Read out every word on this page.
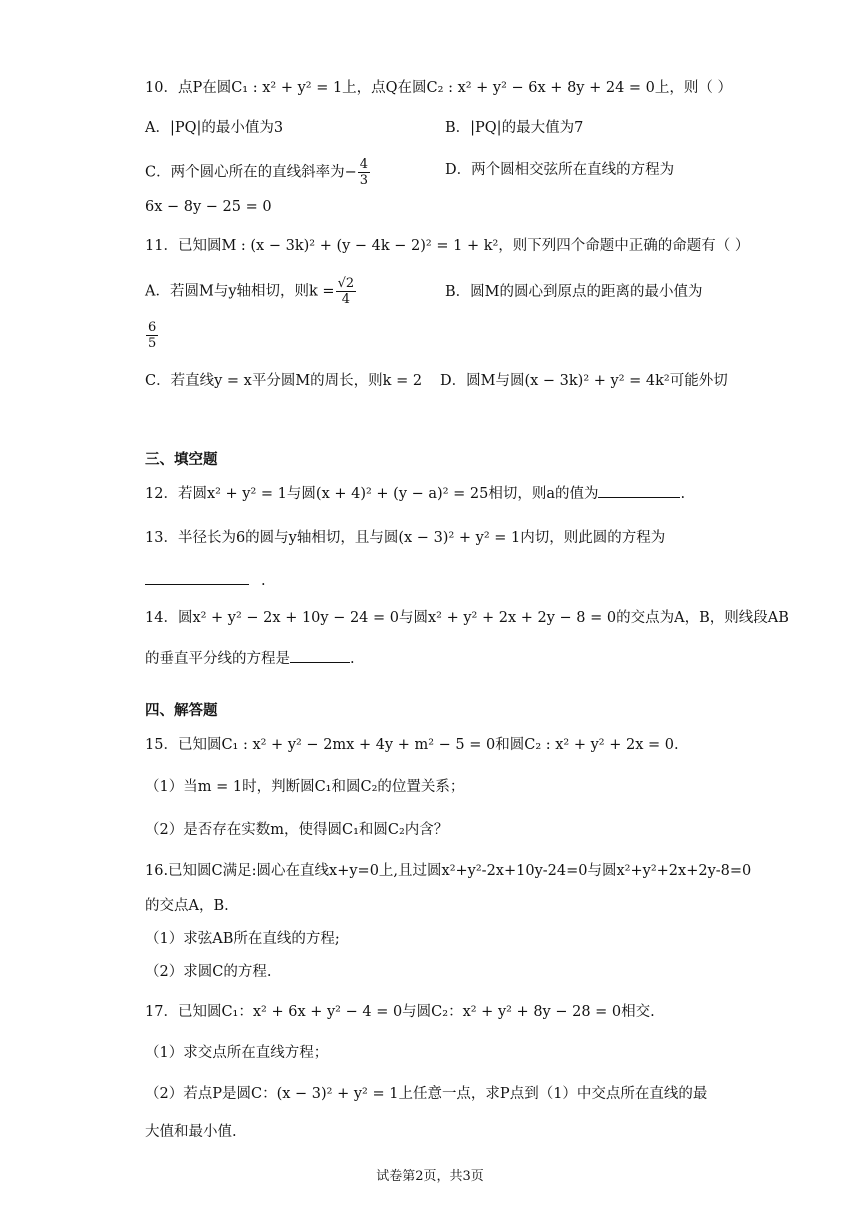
10．点P在圆C₁ : x² + y² = 1上，点Q在圆C₂ : x² + y² − 6x + 8y + 24 = 0上，则（ ）
A．|PQ|的最小值为3	B．|PQ|的最大值为7
C．两个圆心所在的直线斜率为− $\frac{4}{3}$	D．两个圆相交弦所在直线的方程为
6x − 8y − 25 = 0
11．已知圆M : (x − 3k)² + (y − 4k − 2)² = 1 + k²，则下列四个命题中正确的命题有（ ）
A．若圆M与y轴相切，则$k = \frac{√2}{4}$	B．圆M的圆心到原点的距离的最小值为
$\frac{6}{5}$
C．若直线y = x平分圆M的周长，则k = 2 D．圆M与圆(x − 3k)² + y² = 4k²可能外切
三、填空题
12．若圆x² + y² = 1与圆(x + 4)² + (y − a)² = 25相切，则a的值为	.
13．半径长为6的圆与y轴相切，且与圆(x − 3)² + y² = 1内切，则此圆的方程为
.
14．圆x² + y² − 2x + 10y − 24 = 0与圆x² + y² + 2x + 2y − 8 = 0的交点为A，B，则线段AB
的垂直平分线的方程是	.
四、解答题
15．已知圆C₁ : x² + y² − 2mx + 4y + m² − 5 = 0和圆C₂ : x² + y² + 2x = 0.
（1）当m = 1时，判断圆C₁和圆C₂的位置关系；
（2）是否存在实数m，使得圆C₁和圆C₂内含？
16.已知圆C满足:圆心在直线x+y=0上,且过圆x²+y²-2x+10y-24=0与圆x²+y²+2x+2y-8=0
的交点A，B.
（1）求弦AB所在直线的方程;
（2）求圆C的方程.
17．已知圆C₁：x² + 6x + y² − 4 = 0与圆C₂：x² + y² + 8y − 28 = 0相交.
（1）求交点所在直线方程；
（2）若点P是圆C：(x − 3)² + y² = 1上任意一点，求P点到（1）中交点所在直线的最
大值和最小值.
试卷第2页，共3页
